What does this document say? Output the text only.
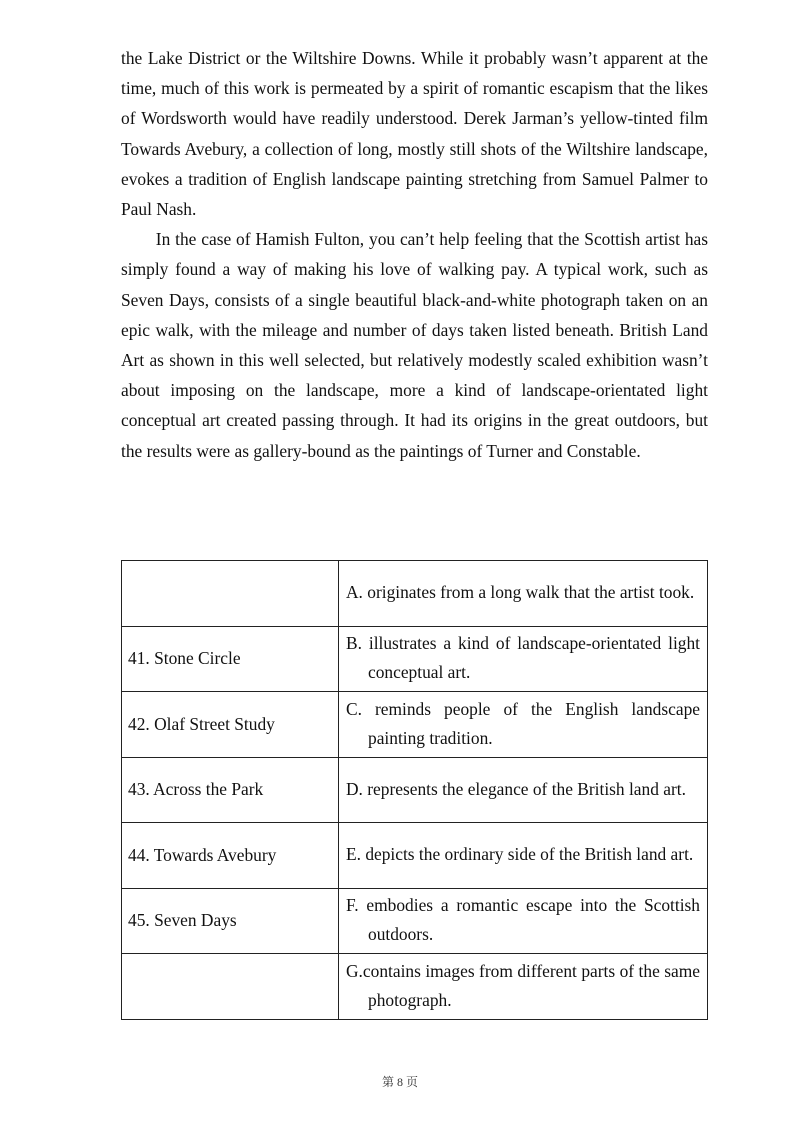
the Lake District or the Wiltshire Downs. While it probably wasn’t apparent at the time, much of this work is permeated by a spirit of romantic escapism that the likes of Wordsworth would have readily understood. Derek Jarman’s yellow-tinted film Towards Avebury, a collection of long, mostly still shots of the Wiltshire landscape, evokes a tradition of English landscape painting stretching from Samuel Palmer to Paul Nash.

In the case of Hamish Fulton, you can’t help feeling that the Scottish artist has simply found a way of making his love of walking pay. A typical work, such as Seven Days, consists of a single beautiful black-and-white photograph taken on an epic walk, with the mileage and number of days taken listed beneath. British Land Art as shown in this well selected, but relatively modestly scaled exhibition wasn’t about imposing on the landscape, more a kind of landscape-orientated light conceptual art created passing through. It had its origins in the great outdoors, but the results were as gallery-bound as the paintings of Turner and Constable.

	A. originates from a long walk that the artist took.

41. Stone Circle	B. illustrates a kind of landscape-orientated light conceptual art.

42. Olaf Street Study	C. reminds people of the English landscape painting tradition.

43. Across the Park	D. represents the elegance of the British land art.

44. Towards Avebury	E. depicts the ordinary side of the British land art.

45. Seven Days	F. embodies a romantic escape into the Scottish outdoors.

	G.contains images from different parts of the same photograph.
第 8 页
